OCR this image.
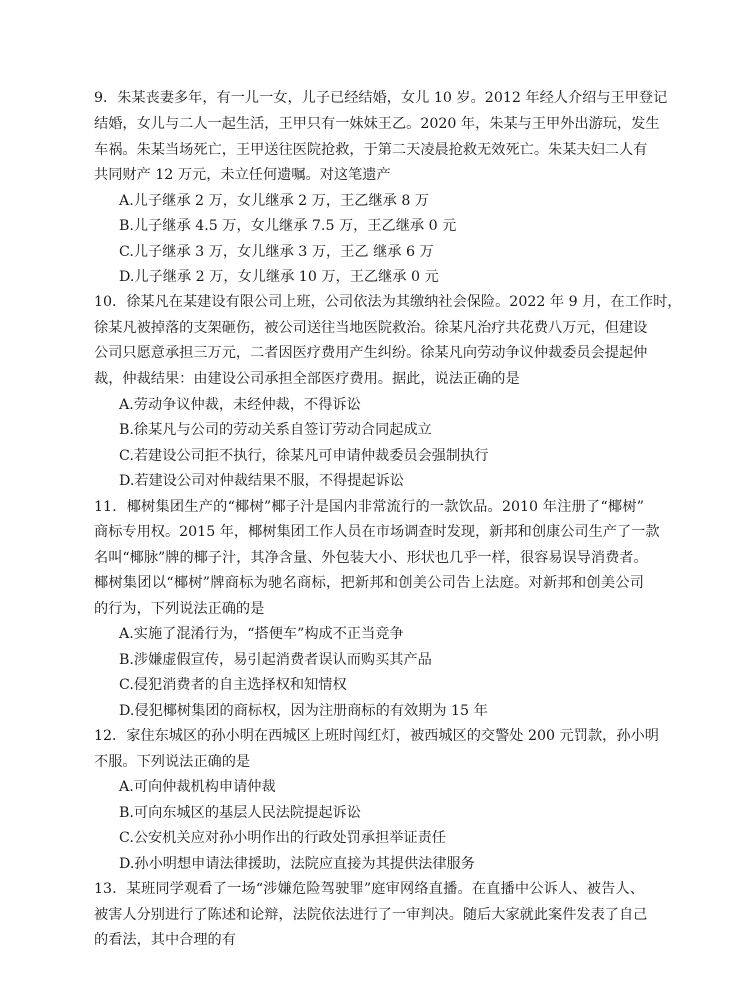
9．朱某丧妻多年，有一儿一女，儿子已经结婚，女儿 10 岁。2012 年经人介绍与王甲登记
结婚，女儿与二人一起生活，王甲只有一妹妹王乙。2020 年，朱某与王甲外出游玩，发生
车祸。朱某当场死亡，王甲送往医院抢救，于第二天凌晨抢救无效死亡。朱某夫妇二人有
共同财产 12 万元，未立任何遗嘱。对这笔遗产
A.儿子继承 2 万，女儿继承 2 万，王乙继承 8 万
B.儿子继承 4.5 万，女儿继承 7.5 万，王乙继承 0 元
C.儿子继承 3 万，女儿继承 3 万，王乙 继承 6 万
D.儿子继承 2 万，女儿继承 10 万，王乙继承 0 元
10．徐某凡在某建设有限公司上班，公司依法为其缴纳社会保险。2022 年 9 月，在工作时，
徐某凡被掉落的支架砸伤，被公司送往当地医院救治。徐某凡治疗共花费八万元，但建设
公司只愿意承担三万元，二者因医疗费用产生纠纷。徐某凡向劳动争议仲裁委员会提起仲
裁，仲裁结果：由建设公司承担全部医疗费用。据此，说法正确的是
A.劳动争议仲裁，未经仲裁，不得诉讼
B.徐某凡与公司的劳动关系自签订劳动合同起成立
C.若建设公司拒不执行，徐某凡可申请仲裁委员会强制执行
D.若建设公司对仲裁结果不服，不得提起诉讼
11．椰树集团生产的“椰树”椰子汁是国内非常流行的一款饮品。2010 年注册了“椰树”
商标专用权。2015 年，椰树集团工作人员在市场调查时发现，新邦和创康公司生产了一款
名叫“椰脉”牌的椰子汁，其净含量、外包装大小、形状也几乎一样，很容易误导消费者。
椰树集团以“椰树”牌商标为驰名商标，把新邦和创美公司告上法庭。对新邦和创美公司
的行为，下列说法正确的是
A.实施了混淆行为，“搭便车”构成不正当竞争
B.涉嫌虚假宣传，易引起消费者误认而购买其产品
C.侵犯消费者的自主选择权和知情权
D.侵犯椰树集团的商标权，因为注册商标的有效期为 15 年
12．家住东城区的孙小明在西城区上班时闯红灯，被西城区的交警处 200 元罚款，孙小明
不服。下列说法正确的是
A.可向仲裁机构申请仲裁
B.可向东城区的基层人民法院提起诉讼
C.公安机关应对孙小明作出的行政处罚承担举证责任
D.孙小明想申请法律援助，法院应直接为其提供法律服务
13．某班同学观看了一场“涉嫌危险驾驶罪”庭审网络直播。在直播中公诉人、被告人、
被害人分别进行了陈述和论辩，法院依法进行了一审判决。随后大家就此案件发表了自己
的看法，其中合理的有
